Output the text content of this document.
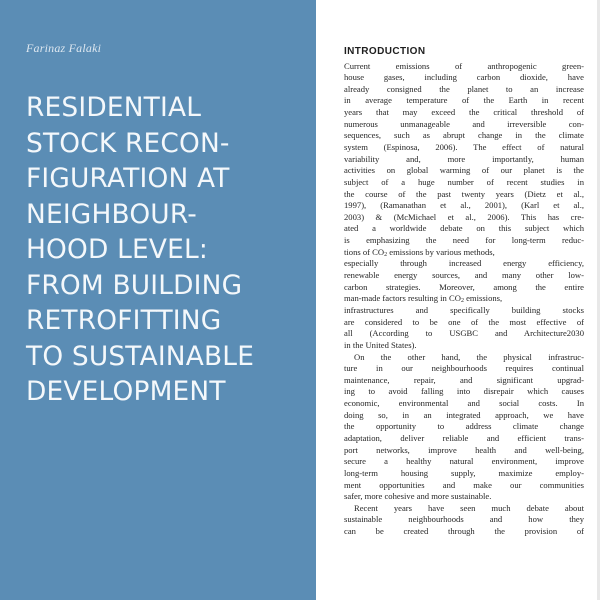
Farinaz Falaki
RESIDENTIAL
STOCK RECON-
FIGURATION AT
NEIGHBOUR-
HOOD LEVEL:
FROM BUILDING
RETROFITTING
TO SUSTAINABLE
DEVELOPMENT
INTRODUCTION
Current emissions of anthropogenic green-
house gases, including carbon dioxide, have
already consigned the planet to an increase
in average temperature of the Earth in recent
years that may exceed the critical threshold of
numerous unmanageable and irreversible con-
sequences, such as abrupt change in the climate
system (Espinosa, 2006). The effect of natural
variability and, more importantly, human
activities on global warming of our planet is the
subject of a huge number of recent studies in
the course of the past twenty years (Dietz et al.,
1997), (Ramanathan et al., 2001), (Karl et al.,
2003) & (McMichael et al., 2006). This has cre-
ated a worldwide debate on this subject which
is emphasizing the need for long-term reduc-
tions of CO2 emissions by various methods,
especially through increased energy efficiency,
renewable energy sources, and many other low-
carbon strategies. Moreover, among the entire
man-made factors resulting in CO2 emissions,
infrastructures and specifically building stocks
are considered to be one of the most effective of
all (According to USGBC and Architecture2030
in the United States).
On the other hand, the physical infrastruc-
ture in our neighbourhoods requires continual
maintenance, repair, and significant upgrad-
ing to avoid falling into disrepair which causes
economic, environmental and social costs. In
doing so, in an integrated approach, we have
the opportunity to address climate change
adaptation, deliver reliable and efficient trans-
port networks, improve health and well-being,
secure a healthy natural environment, improve
long-term housing supply, maximize employ-
ment opportunities and make our communities
safer, more cohesive and more sustainable.
Recent years have seen much debate about
sustainable neighbourhoods and how they
can be created through the provision of
